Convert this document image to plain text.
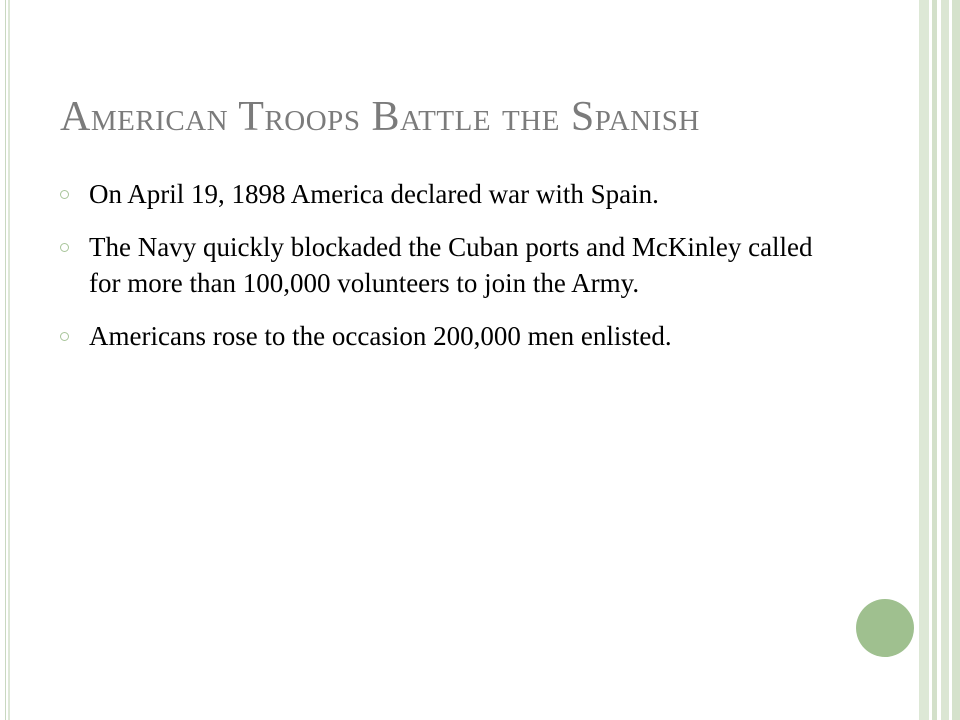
American Troops Battle the Spanish
On April 19, 1898 America declared war with Spain.
The Navy quickly blockaded the Cuban ports and McKinley called for more than 100,000 volunteers to join the Army.
Americans rose to the occasion 200,000 men enlisted.
